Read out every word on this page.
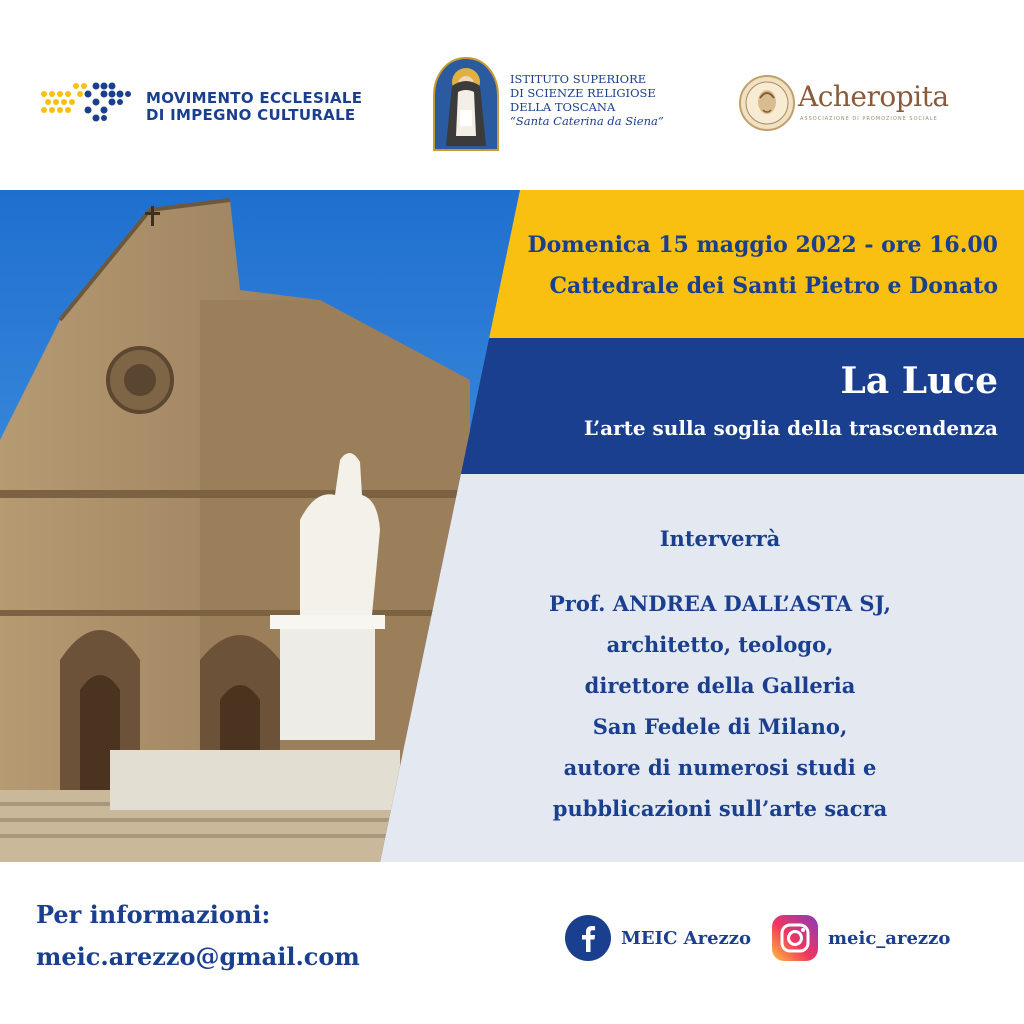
MOVIMENTO ECCLESIALE
DI IMPEGNO CULTURALE
ISTITUTO SUPERIORE
DI SCIENZE RELIGIOSE
DELLA TOSCANA
“Santa Caterina da Siena”
Acheropita
ASSOCIAZIONE DI PROMOZIONE SOCIALE
Domenica 15 maggio 2022 - ore 16.00
Cattedrale dei Santi Pietro e Donato
La Luce
L’arte sulla soglia della trascendenza
Interverrà
Prof. ANDREA DALL’ASTA SJ,
architetto, teologo,
direttore della Galleria
San Fedele di Milano,
autore di numerosi studi e
pubblicazioni sull’arte sacra
Per informazioni:
meic.arezzo@gmail.com
MEIC Arezzo	meic_arezzo
